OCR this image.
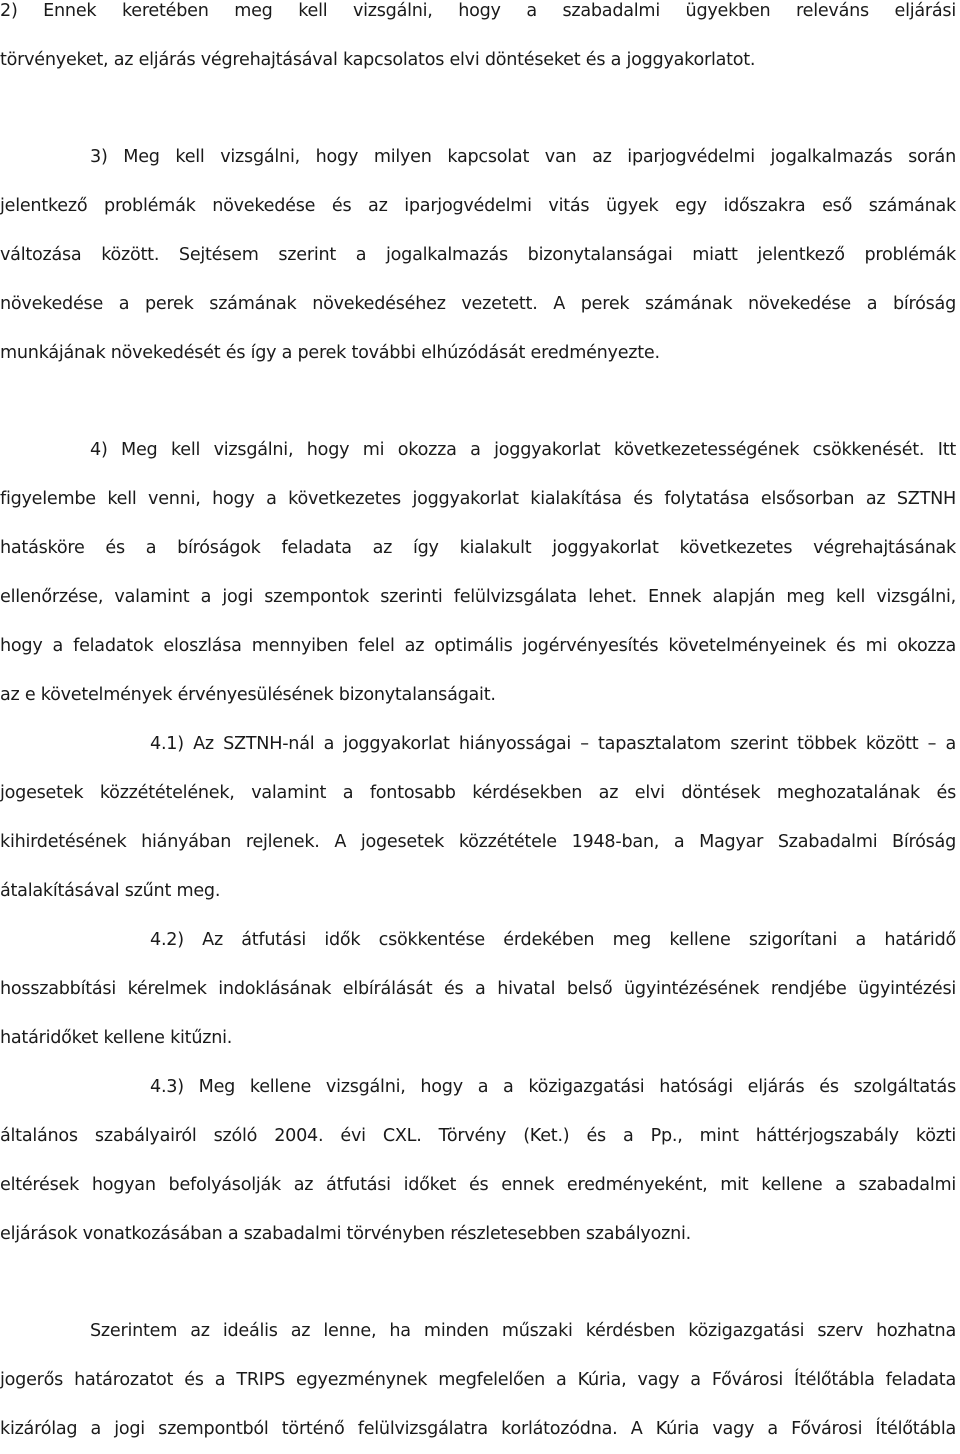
2) Ennek keretében meg kell vizsgálni, hogy a szabadalmi ügyekben releváns eljárási
törvényeket, az eljárás végrehajtásával kapcsolatos elvi döntéseket és a joggyakorlatot.
3) Meg kell vizsgálni, hogy milyen kapcsolat van az iparjogvédelmi jogalkalmazás során
jelentkező problémák növekedése és az iparjogvédelmi vitás ügyek egy időszakra eső számának
változása között. Sejtésem szerint a jogalkalmazás bizonytalanságai miatt jelentkező problémák
növekedése a perek számának növekedéséhez vezetett. A perek számának növekedése a bíróság
munkájának növekedését és így a perek további elhúzódását eredményezte.
4) Meg kell vizsgálni, hogy mi okozza a joggyakorlat következetességének csökkenését. Itt
figyelembe kell venni, hogy a következetes joggyakorlat kialakítása és folytatása elsősorban az SZTNH
hatásköre és a bíróságok feladata az így kialakult joggyakorlat következetes végrehajtásának
ellenőrzése, valamint a jogi szempontok szerinti felülvizsgálata lehet. Ennek alapján meg kell vizsgálni,
hogy a feladatok eloszlása mennyiben felel az optimális jogérvényesítés követelményeinek és mi okozza
az e követelmények érvényesülésének bizonytalanságait.
4.1) Az SZTNH-nál a joggyakorlat hiányosságai – tapasztalatom szerint többek között – a
jogesetek közzétételének, valamint a fontosabb kérdésekben az elvi döntések meghozatalának és
kihirdetésének hiányában rejlenek. A jogesetek közzététele 1948-ban, a Magyar Szabadalmi Bíróság
átalakításával szűnt meg.
4.2) Az átfutási idők csökkentése érdekében meg kellene szigorítani a határidő
hosszabbítási kérelmek indoklásának elbírálását és a hivatal belső ügyintézésének rendjébe ügyintézési
határidőket kellene kitűzni.
4.3) Meg kellene vizsgálni, hogy a a közigazgatási hatósági eljárás és szolgáltatás
általános szabályairól szóló 2004. évi CXL. Törvény (Ket.) és a Pp., mint háttérjogszabály közti
eltérések hogyan befolyásolják az átfutási időket és ennek eredményeként, mit kellene a szabadalmi
eljárások vonatkozásában a szabadalmi törvényben részletesebben szabályozni.
Szerintem az ideális az lenne, ha minden műszaki kérdésben közigazgatási szerv hozhatna
jogerős határozatot és a TRIPS egyezménynek megfelelően a Kúria, vagy a Fővárosi Ítélőtábla feladata
kizárólag a jogi szempontból történő felülvizsgálatra korlátozódna. A Kúria vagy a Fővárosi Ítélőtábla
